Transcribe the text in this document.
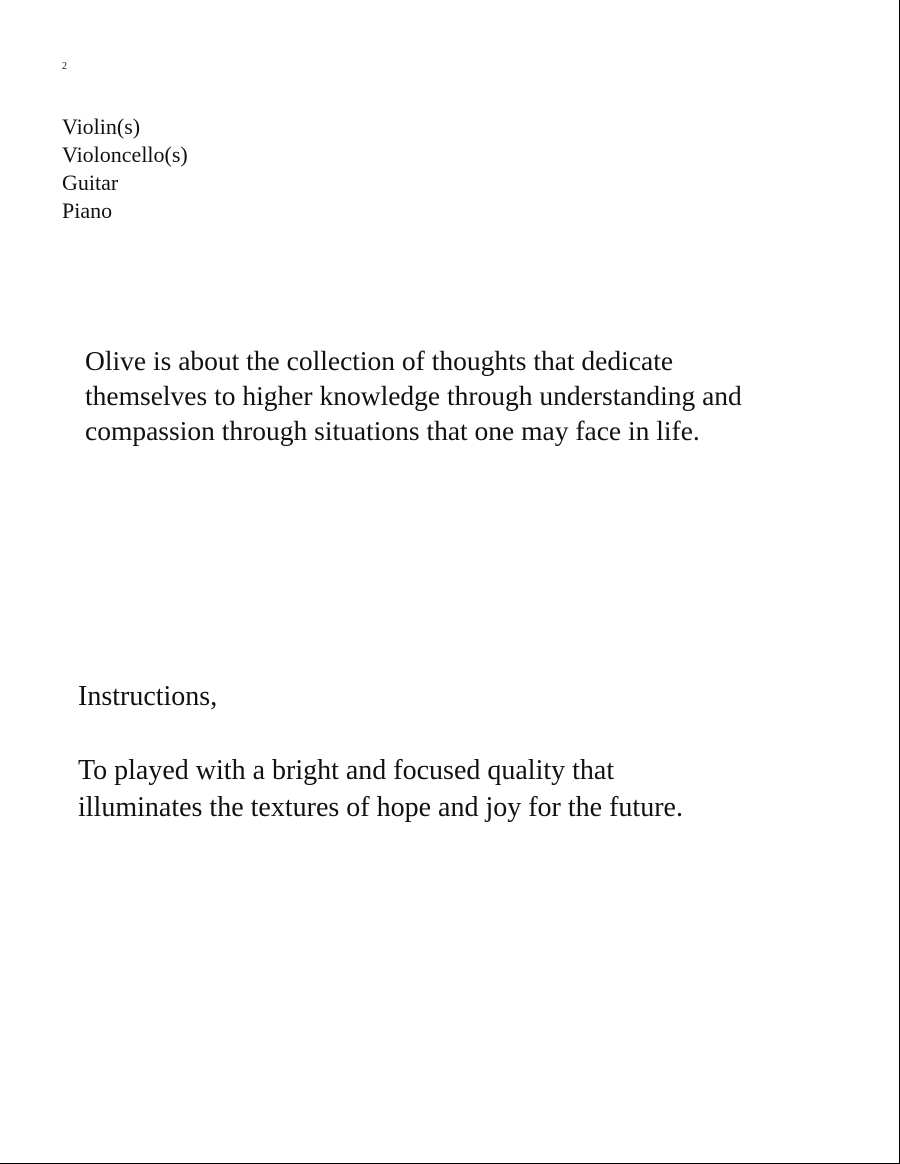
2
Violin(s)
Violoncello(s)
Guitar
Piano

Olive is about the collection of thoughts that dedicate
themselves to higher knowledge through understanding and
compassion through situations that one may face in life.

Instructions,

To played with a bright and focused quality that
illuminates the textures of hope and joy for the future.
